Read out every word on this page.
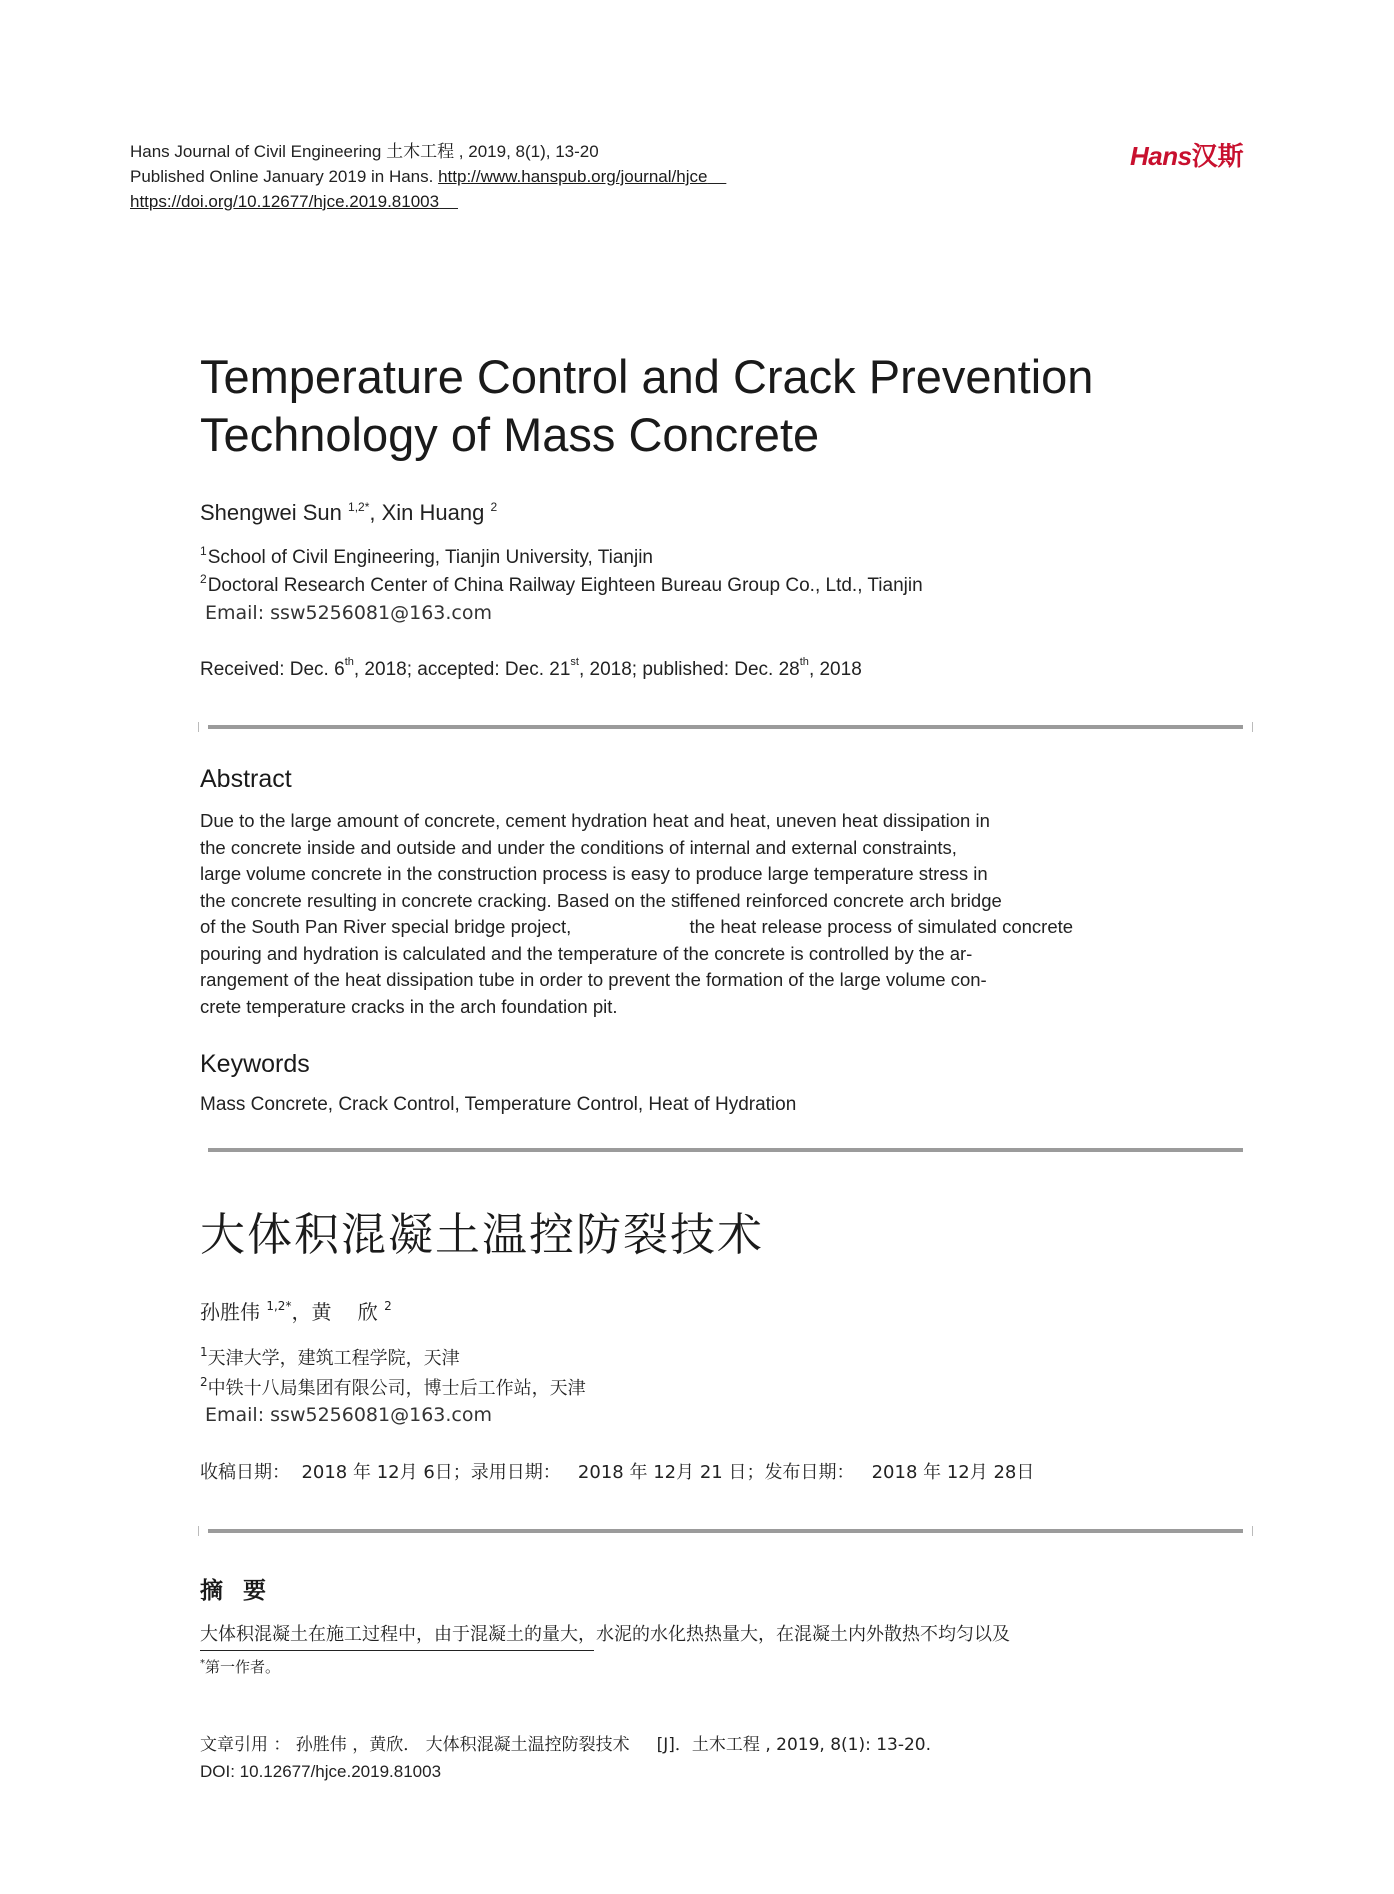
Hans Journal of Civil Engineering 土木工程 , 2019, 8(1), 13-20
Published Online January 2019 in Hans. http://www.hanspub.org/journal/hjce
https://doi.org/10.12677/hjce.2019.81003
Hans汉斯
Temperature Control and Crack Prevention
Technology of Mass Concrete
Shengwei Sun $^{1,2*}$, Xin Huang $^2$
$^1$School of Civil Engineering, Tianjin University, Tianjin
$^2$Doctoral Research Center of China Railway Eighteen Bureau Group Co., Ltd., Tianjin
Email: ssw5256081@163.com
Received: Dec. 6th, 2018; accepted: Dec. 21st, 2018; published: Dec. 28th, 2018
Abstract
Due to the large amount of concrete, cement hydration heat and heat, uneven heat dissipation in
the concrete inside and outside and under the conditions of internal and external constraints,
large volume concrete in the construction process is easy to produce large temperature stress in
the concrete resulting in concrete cracking. Based on the stiffened reinforced concrete arch bridge
of the South Pan River special bridge project,                       the heat release process of simulated concrete
pouring and hydration is calculated and the temperature of the concrete is controlled by the ar-
rangement of the heat dissipation tube in order to prevent the formation of the large volume con-
crete temperature cracks in the arch foundation pit.
Keywords
Mass Concrete, Crack Control, Temperature Control, Heat of Hydration
大体积混凝土温控防裂技术
孙胜伟 $^{1,2*}$，黄　 欣 $^2$
$^1$天津大学，建筑工程学院，天津
$^2$中铁十八局集团有限公司，博士后工作站，天津
Email: ssw5256081@163.com
收稿日期：  2018 年 12月 6日；录用日期：   2018 年 12月 21 日；发布日期：   2018 年 12月 28日
摘要
大体积混凝土在施工过程中，由于混凝土的量大，水泥的水化热热量大，在混凝土内外散热不均匀以及
*第一作者。
文章引用 ： 孙胜伟 ，黄欣． 大体积混凝土温控防裂技术     [J]．土木工程 , 2019, 8(1): 13-20.
DOI: 10.12677/hjce.2019.81003
